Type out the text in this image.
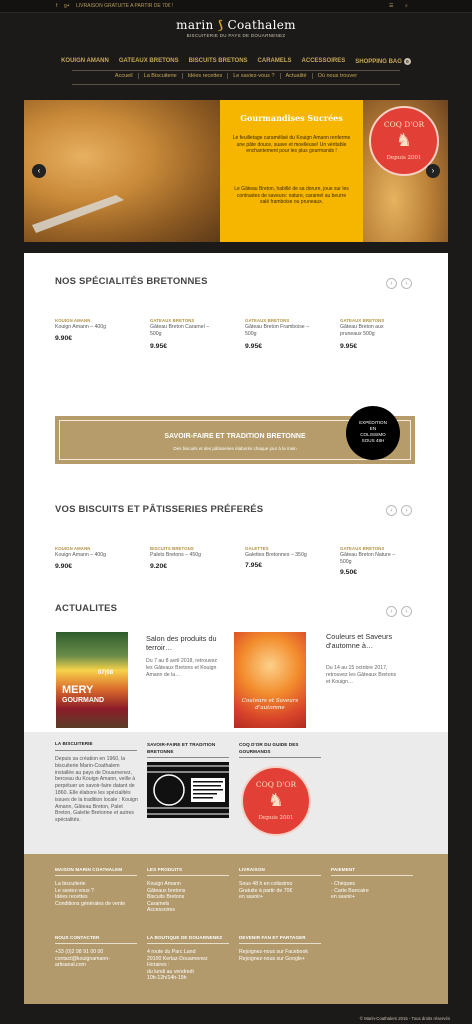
f g+ LIVRAISON GRATUITE A PARTIR DE 70€ !	☰ ⌕
marin ⟆ Coathalem
BISCUITERIE DU PAYS DE DOUARNENEZ
KOUIGN AMANN GATEAUX BRETONS BISCUITS BRETONS CARAMELS ACCESSOIRES SHOPPING BAG 0
Accueil	La Biscuiterie	Idées recettes	Le saviez-vous ?	Actualité	Où nous trouver
COQ D'OR
♞
Depuis 2001
Gourmandises Sucrées
Le feuilletage caramélisé du Kouign Amann renferme une pâte douce, suave et moelleuse! Un véritable enchantement pour les plus gourmands !
Le Gâteau Breton, habillé de sa dorure, joue sur les contrastes de saveurs: nature, caramel au beurre salé framboise ou pruneaux.
‹	›
NOS SPÉCIALITÉS BRETONNES	‹	›
KOUIGN AMANN
Kouign Amann – 400g
9.90€
GATEAUX BRETONS
Gâteau Breton Caramel – 500g
9.95€
GATEAUX BRETONS
Gâteau Breton Framboise – 500g
9.95€
GATEAUX BRETONS
Gâteau Breton aux pruneaux 500g
9.95€
SAVOIR-FAIRE ET TRADITION BRETONNE
Des biscuits et des pâtisseries élaborés chaque jour à la main
EXPÉDITION
EN
COLISSIMO
SOUS 48H
VOS BISCUITS ET PÂTISSERIES PRÉFERÉS	‹	›
KOUIGN AMANN
Kouign Amann – 400g
9.90€
BISCUITS BRETONS
Palets Bretons – 450g
9.20€
GALETTES
Galettes Bretonnes – 350g
7.95€
GATEAUX BRETONS
Gâteau Breton Nature – 500g
9.50€
ACTUALITES	‹	›
MERY
GOURMAND
07|08
Salon des produits du terroir…
Du 7 au 8 avril 2018, retrouvez les Gâteaux Bretons et Kouign Amann de la…
Couleurs et Saveurs
d'automne
Couleurs et Saveurs d'automne à…
Du 14 au 15 octobre 2017, retrouvez les Gâteaux Bretons et Kouign…
LA BISCUITERIE
Depuis sa création en 1960, la biscuiterie Marin-Coathalem installée au pays de Douarnenez, berceau du Kouign Amann, veille à perpétuer un savoir-faire datant de 1860. Elle élabore les spécialités issues de la tradition locale : Kouign Amann, Gâteau Breton, Palet Breton, Galette Bretonne et autres spécialités.
SAVOIR-FAIRE ET TRADITION BRETONNE
COQ D'OR DU GUIDE DES GOURMANDS
COQ D'OR
♞
Depuis 2001
MAISON MARIN COATHALEM
La biscuiterie
Le saviez-vous ?
Idées recettes
Conditions générales de vente
LES PRODUITS
Kouign Amann
Gâteaux bretons
Biscuits Bretons
Caramels
Accessoires
LIVRAISON
Sous 48 h en colissimo
Gratuite à partir de 70€
en savoir+
PAIEMENT
- Chèques
- Carte Bancaire
en savoir+
NOUS CONTACTER
+33 (0)2 98 91 00 00
contact@kouignamann-
artisanal.com
LA BOUTIQUE DE DOUARNENEZ
4 route du Parc Land
29100 Kerlaz-Douarnenez
Horaires :
du lundi au vendredi
10h-12h/14h-19h
DEVENIR FAN ET PARTAGER
Rejoignez-nous sur Facebook
Rejoignez-nous sur Google+
© Marin-Coathalem 2015 - Tous droits réservés
